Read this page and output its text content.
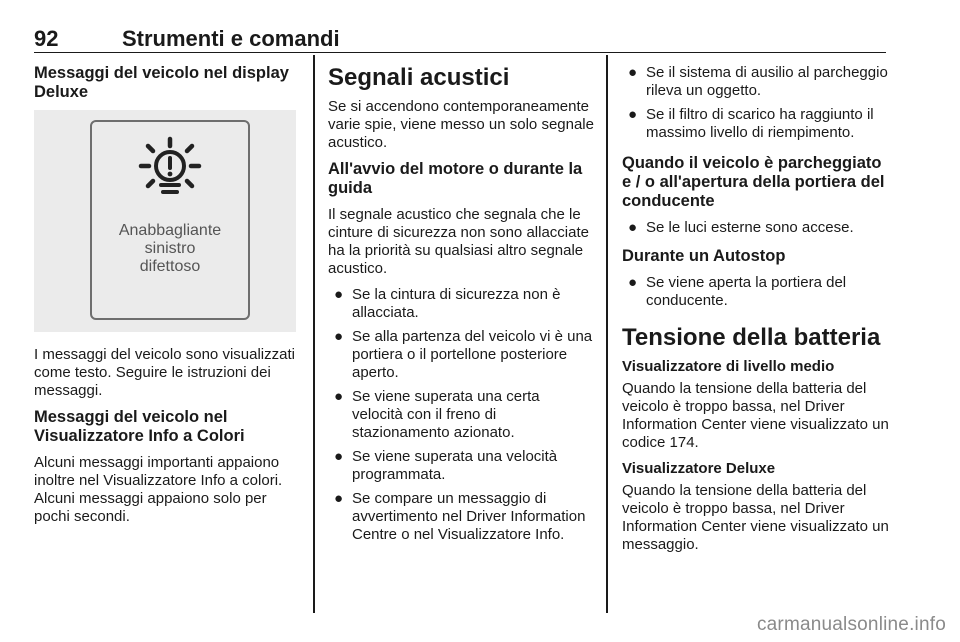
92	Strumenti e comandi
Messaggi del veicolo nel display Deluxe
Anabbagliante
sinistro
difettoso

I messaggi del veicolo sono visualizzati come testo. Seguire le istruzioni dei messaggi.

Messaggi del veicolo nel Visualizzatore Info a Colori

Alcuni messaggi importanti appaiono inoltre nel Visualizzatore Info a colori. Alcuni messaggi appaiono solo per pochi secondi.

Segnali acustici

Se si accendono contemporaneamente varie spie, viene messo un solo segnale acustico.

All'avvio del motore o durante la guida

Il segnale acustico che segnala che le cinture di sicurezza non sono allacciate ha la priorità su qualsiasi altro segnale acustico.

● Se la cintura di sicurezza non è allacciata.
● Se alla partenza del veicolo vi è una portiera o il portellone posteriore aperto.
● Se viene superata una certa velocità con il freno di stazionamento azionato.
● Se viene superata una velocità programmata.
● Se compare un messaggio di avvertimento nel Driver Information Centre o nel Visualizzatore Info.
● Se il sistema di ausilio al parcheggio rileva un oggetto.
● Se il filtro di scarico ha raggiunto il massimo livello di riempimento.
Quando il veicolo è parcheggiato e / o all'apertura della portiera del conducente
● Se le luci esterne sono accese.
Durante un Autostop
● Se viene aperta la portiera del conducente.
Tensione della batteria
Visualizzatore di livello medio

Quando la tensione della batteria del veicolo è troppo bassa, nel Driver Information Center viene visualizzato un codice 174.

Visualizzatore Deluxe

Quando la tensione della batteria del veicolo è troppo bassa, nel Driver Information Center viene visualizzato un messaggio.

carmanualsonline.info
